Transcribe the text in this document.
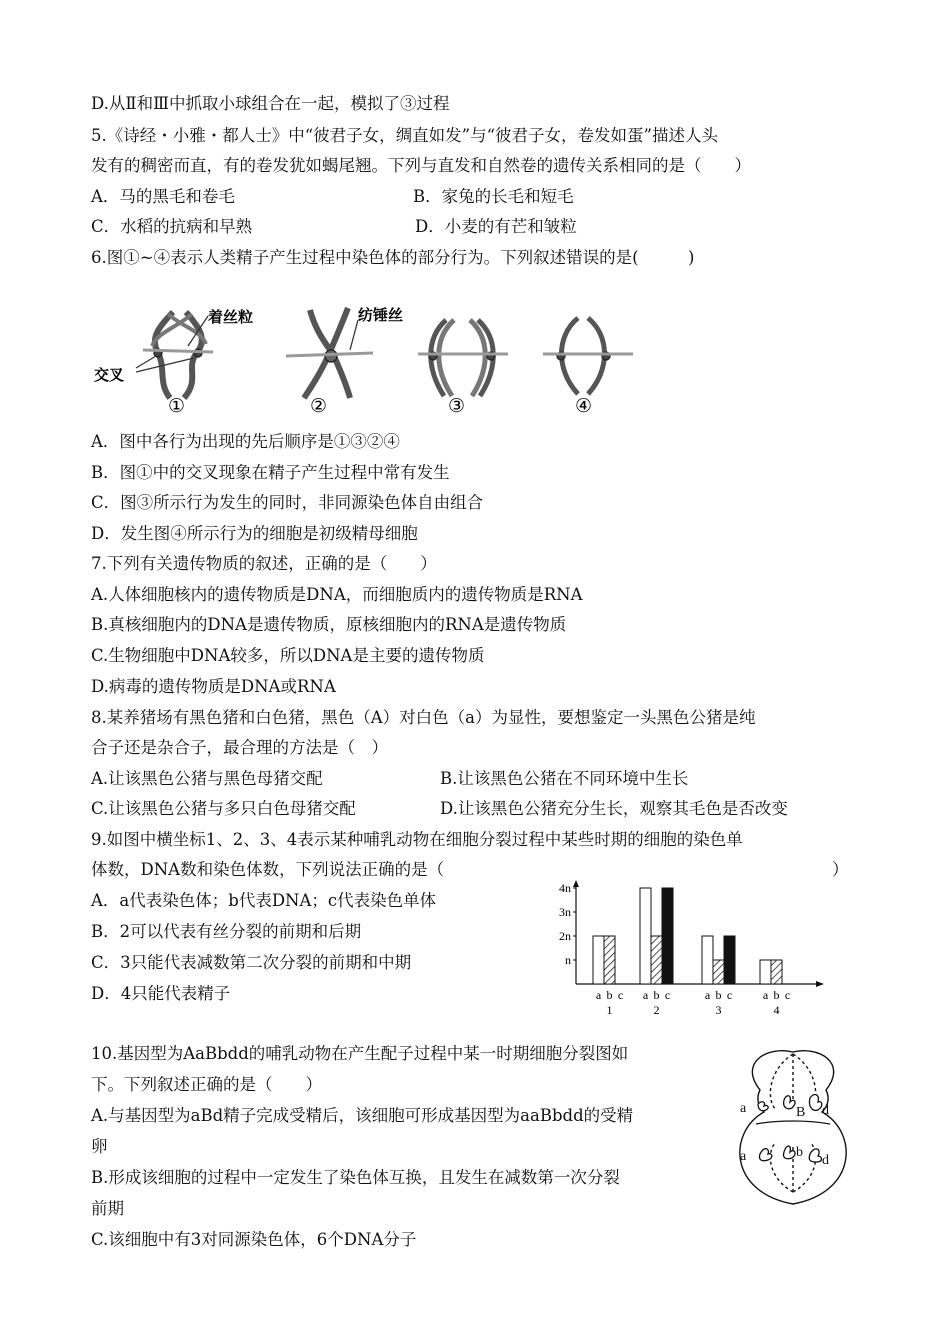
D.从Ⅱ和Ⅲ中抓取小球组合在一起，模拟了③过程
5.《诗经・小雅・都人士》中“彼君子女，绸直如发”与“彼君子女，卷发如蛋”描述人头
发有的稠密而直，有的卷发犹如蝎尾翘。下列与直发和自然卷的遗传关系相同的是（　　）
A．马的黑毛和卷毛	B．家兔的长毛和短毛
C．水稻的抗病和早熟	D．小麦的有芒和皱粒
6.图①~④表示人类精子产生过程中染色体的部分行为。下列叙述错误的是(　　　)
着丝粒	纺锤丝
交叉
①	②	③	④
A．图中各行为出现的先后顺序是①③②④
B．图①中的交叉现象在精子产生过程中常有发生
C．图③所示行为发生的同时，非同源染色体自由组合
D．发生图④所示行为的细胞是初级精母细胞
7.下列有关遗传物质的叙述，正确的是（　　）
A.人体细胞核内的遗传物质是DNA，而细胞质内的遗传物质是RNA
B.真核细胞内的DNA是遗传物质，原核细胞内的RNA是遗传物质
C.生物细胞中DNA较多，所以DNA是主要的遗传物质
D.病毒的遗传物质是DNA或RNA
8.某养猪场有黑色猪和白色猪，黑色（A）对白色（a）为显性，要想鉴定一头黑色公猪是纯
合子还是杂合子，最合理的方法是（　）
A.让该黑色公猪与黑色母猪交配	B.让该黑色公猪在不同环境中生长
C.让该黑色公猪与多只白色母猪交配	D.让该黑色公猪充分生长，观察其毛色是否改变
9.如图中横坐标1、2、3、4表示某种哺乳动物在细胞分裂过程中某些时期的细胞的染色单
体数，DNA数和染色体数，下列说法正确的是（	）
A．a代表染色体；b代表DNA；c代表染色单体
B．2可以代表有丝分裂的前期和后期
C．3只能代表减数第二次分裂的前期和中期
D．4只能代表精子
n
2n
3n
4n
a b c
1
a b c
2
a b c
3
a b c
4
10.基因型为AaBbdd的哺乳动物在产生配子过程中某一时期细胞分裂图如
下。下列叙述正确的是（　　）
A.与基因型为aBd精子完成受精后，该细胞可形成基因型为aaBbdd的受精
卵
B.形成该细胞的过程中一定发生了染色体互换，且发生在减数第一次分裂
前期
C.该细胞中有3对同源染色体，6个DNA分子
a	B d
a	b
d
